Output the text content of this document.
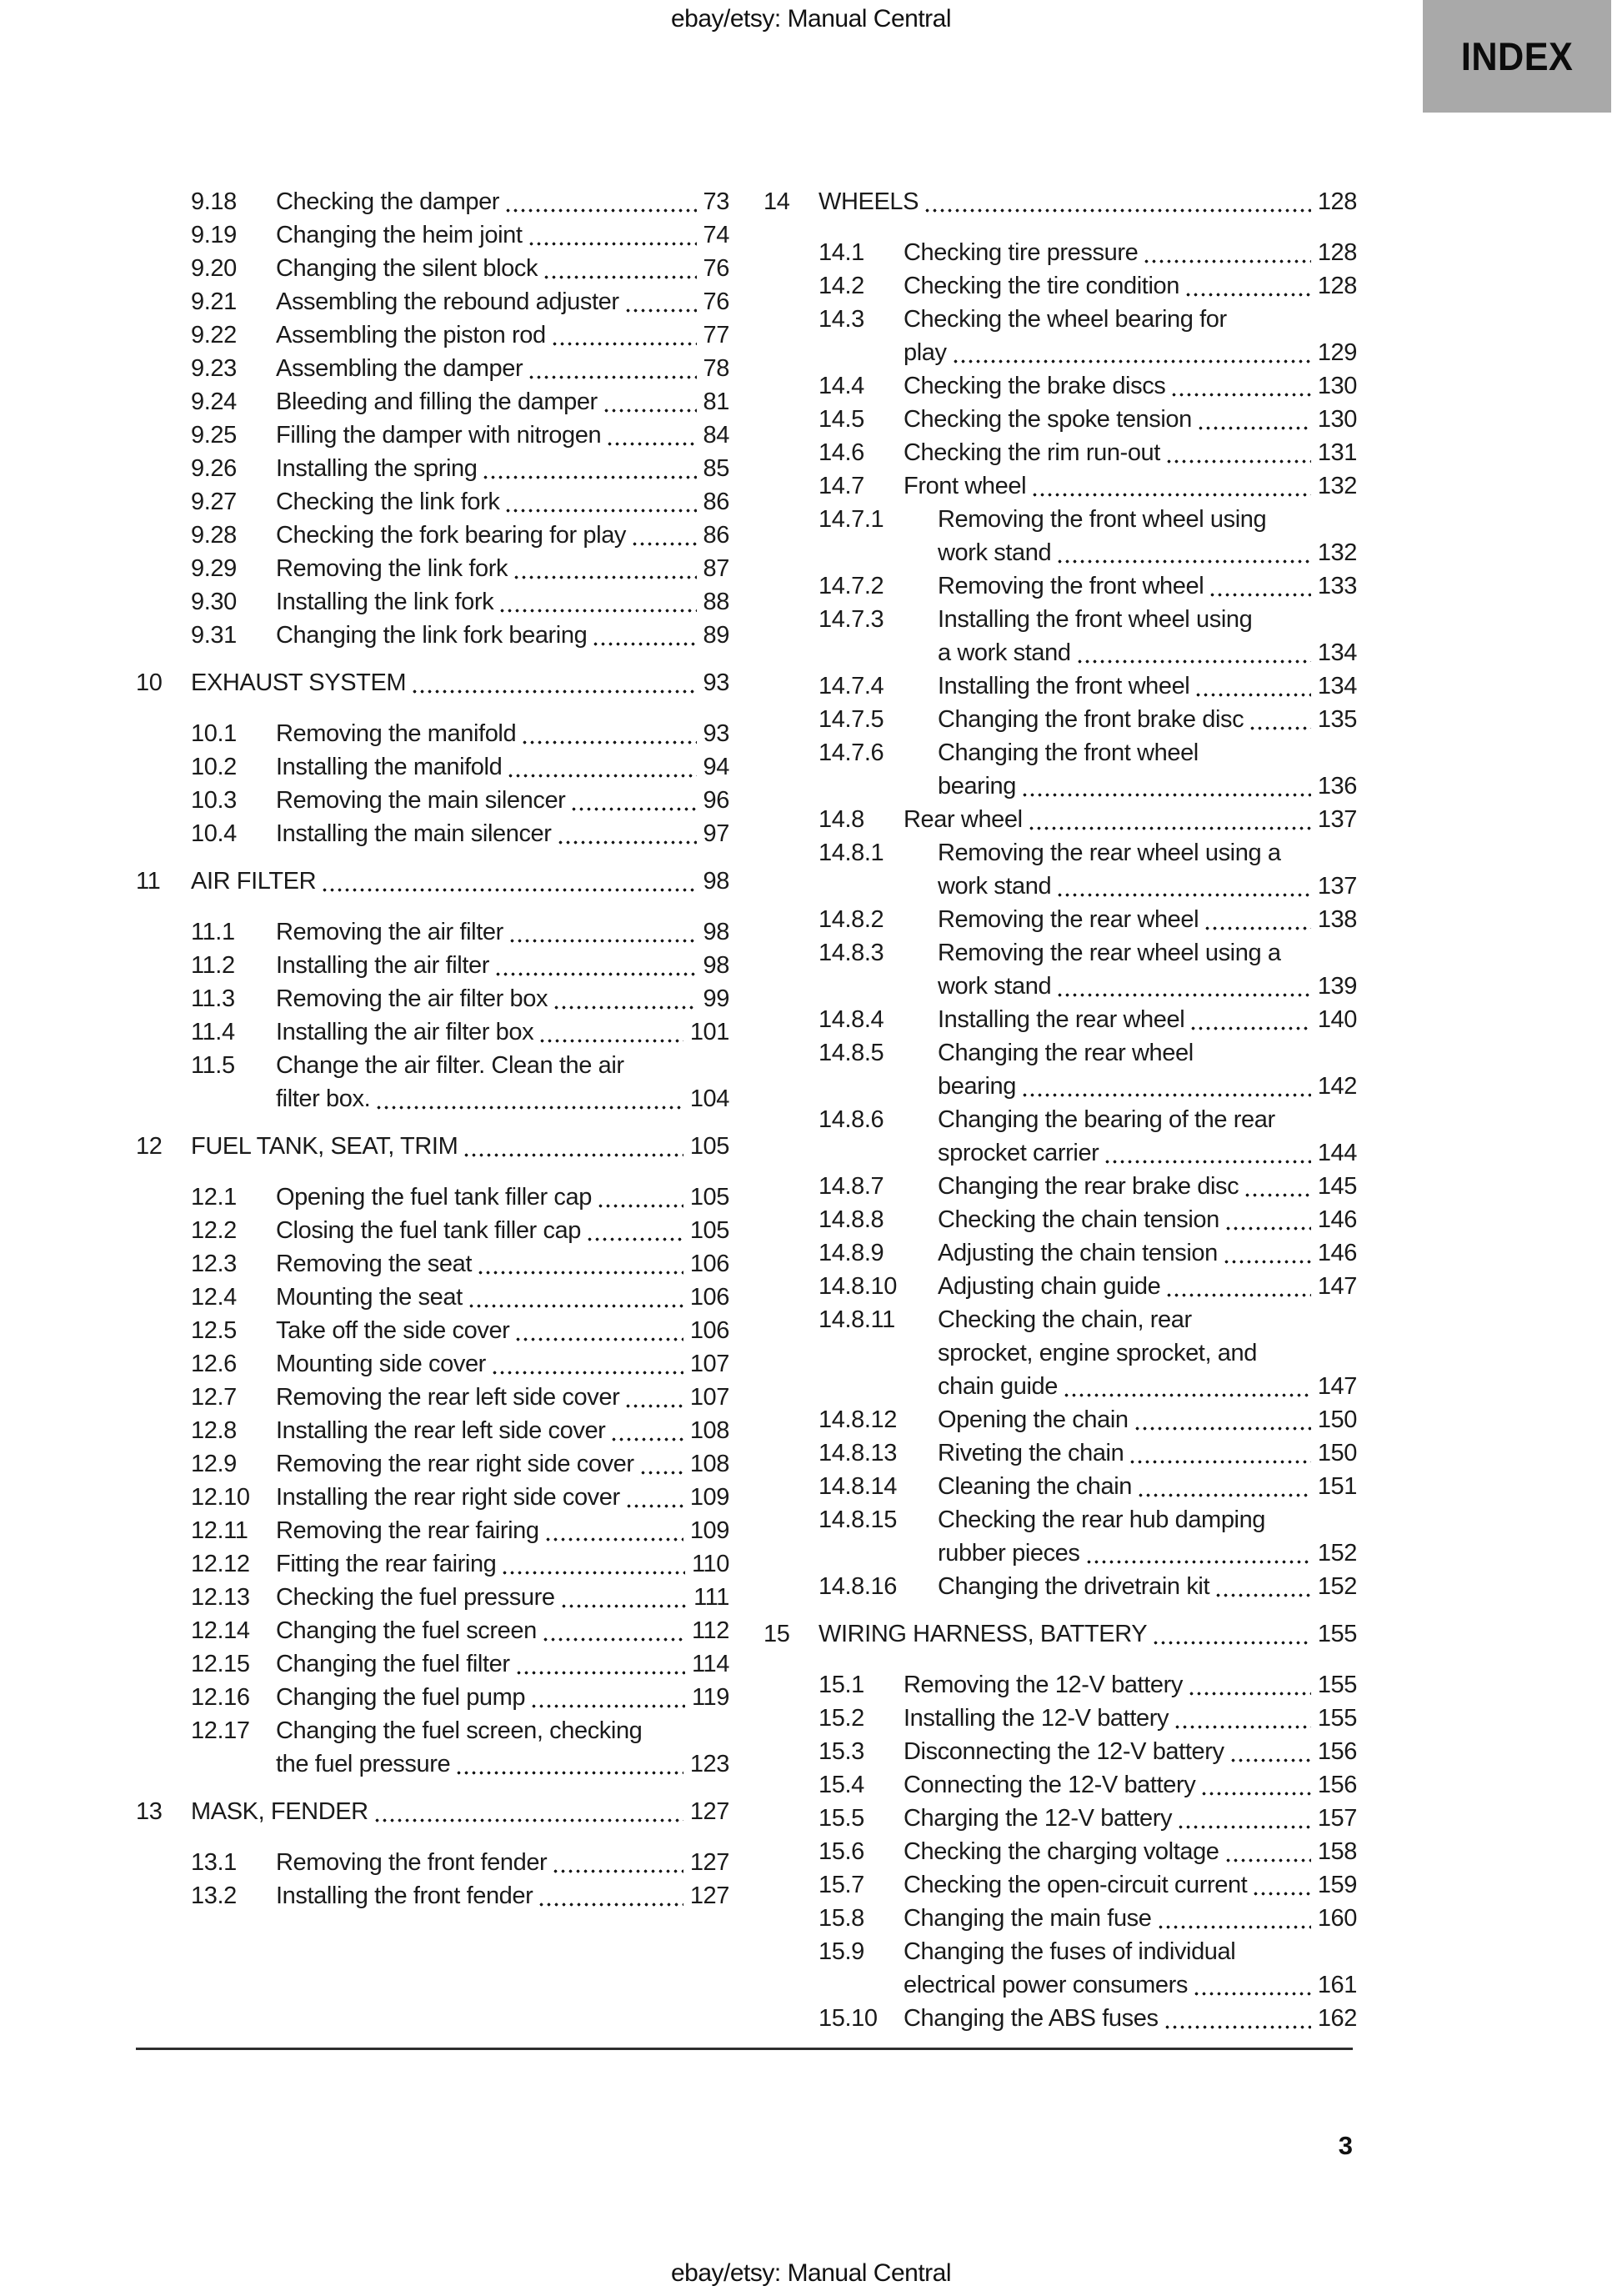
ebay/etsy: Manual Central
INDEX
9.18	Checking the damper	73
9.19	Changing the heim joint	74
9.20	Changing the silent block	76
9.21	Assembling the rebound adjuster	76
9.22	Assembling the piston rod	77
9.23	Assembling the damper	78
9.24	Bleeding and filling the damper	81
9.25	Filling the damper with nitrogen	84
9.26	Installing the spring	85
9.27	Checking the link fork	86
9.28	Checking the fork bearing for play	86
9.29	Removing the link fork	87
9.30	Installing the link fork	88
9.31	Changing the link fork bearing	89
10	EXHAUST SYSTEM	93
10.1	Removing the manifold	93
10.2	Installing the manifold	94
10.3	Removing the main silencer	96
10.4	Installing the main silencer	97
11	AIR FILTER	98
11.1	Removing the air filter	98
11.2	Installing the air filter	98
11.3	Removing the air filter box	99
11.4	Installing the air filter box	101
11.5	Change the air filter. Clean the air
filter box.	104
12	FUEL TANK, SEAT, TRIM	105
12.1	Opening the fuel tank filler cap	105
12.2	Closing the fuel tank filler cap	105
12.3	Removing the seat	106
12.4	Mounting the seat	106
12.5	Take off the side cover	106
12.6	Mounting side cover	107
12.7	Removing the rear left side cover	107
12.8	Installing the rear left side cover	108
12.9	Removing the rear right side cover 108
12.10	Installing the rear right side cover	109
12.11	Removing the rear fairing	109
12.12	Fitting the rear fairing	110
12.13	Checking the fuel pressure	111
12.14	Changing the fuel screen	112
12.15	Changing the fuel filter	114
12.16	Changing the fuel pump	119
12.17	Changing the fuel screen, checking
the fuel pressure	123
13	MASK, FENDER	127
13.1	Removing the front fender	127
13.2	Installing the front fender	127
14	WHEELS	128
14.1	Checking tire pressure	128
14.2	Checking the tire condition	128
14.3	Checking the wheel bearing for
play	129
14.4	Checking the brake discs	130
14.5	Checking the spoke tension	130
14.6	Checking the rim run-out	131
14.7	Front wheel	132
14.7.1	Removing the front wheel using
work stand	132
14.7.2	Removing the front wheel	133
14.7.3	Installing the front wheel using
a work stand	134
14.7.4	Installing the front wheel	134
14.7.5	Changing the front brake disc	135
14.7.6	Changing the front wheel
bearing	136
14.8	Rear wheel	137
14.8.1	Removing the rear wheel using a
work stand	137
14.8.2	Removing the rear wheel	138
14.8.3	Removing the rear wheel using a
work stand	139
14.8.4	Installing the rear wheel	140
14.8.5	Changing the rear wheel
bearing	142
14.8.6	Changing the bearing of the rear
sprocket carrier	144
14.8.7	Changing the rear brake disc	145
14.8.8	Checking the chain tension	146
14.8.9	Adjusting the chain tension	146
14.8.10	Adjusting chain guide	147
14.8.11	Checking the chain, rear
sprocket, engine sprocket, and
chain guide	147
14.8.12	Opening the chain	150
14.8.13	Riveting the chain	150
14.8.14	Cleaning the chain	151
14.8.15	Checking the rear hub damping
rubber pieces	152
14.8.16	Changing the drivetrain kit	152
15	WIRING HARNESS, BATTERY	155
15.1	Removing the 12-V battery	155
15.2	Installing the 12-V battery	155
15.3	Disconnecting the 12-V battery	156
15.4	Connecting the 12-V battery	156
15.5	Charging the 12-V battery	157
15.6	Checking the charging voltage	158
15.7	Checking the open-circuit current	159
15.8	Changing the main fuse	160
15.9	Changing the fuses of individual
electrical power consumers	161
15.10	Changing the ABS fuses	162
3
ebay/etsy: Manual Central
